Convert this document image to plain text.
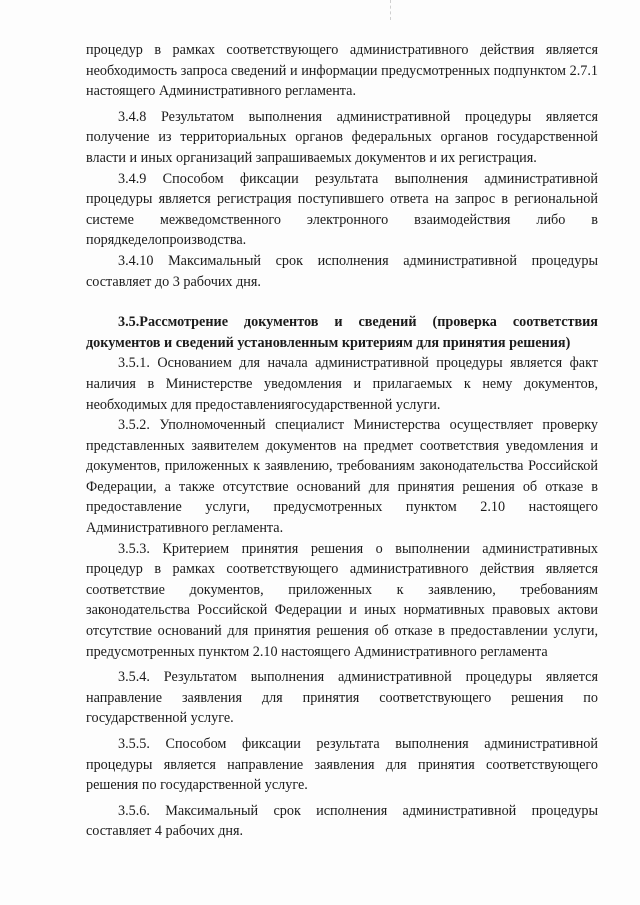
процедур в рамках соответствующего административного действия является необходимость запроса сведений и информации предусмотренных подпунктом 2.7.1 настоящего Административного регламента.

3.4.8 Результатом выполнения административной процедуры является получение из территориальных органов федеральных органов государственной власти и иных организаций запрашиваемых документов и их регистрация.

3.4.9 Способом фиксации результата выполнения административной процедуры является регистрация поступившего ответа на запрос в региональной системе межведомственного электронного взаимодействия либо в порядкеделопроизводства.

3.4.10 Максимальный срок исполнения административной процедуры составляет до 3 рабочих дня.

3.5.Рассмотрение документов и сведений (проверка соответствия документов и сведений установленным критериям для принятия решения)

3.5.1. Основанием для начала административной процедуры является факт наличия в Министерстве уведомления и прилагаемых к нему документов, необходимых для предоставлениягосударственной услуги.

3.5.2. Уполномоченный специалист Министерства осуществляет проверку представленных заявителем документов на предмет соответствия уведомления и документов, приложенных к заявлению, требованиям законодательства Российской Федерации, а также отсутствие оснований для принятия решения об отказе в предоставление услуги, предусмотренных пунктом 2.10 настоящего Административного регламента.

3.5.3. Критерием принятия решения о выполнении административных процедур в рамках соответствующего административного действия является соответствие документов, приложенных к заявлению, требованиям законодательства Российской Федерации и иных нормативных правовых актови отсутствие оснований для принятия решения об отказе в предоставлении услуги, предусмотренных пунктом 2.10 настоящего Административного регламента

3.5.4. Результатом выполнения административной процедуры является направление заявления для принятия соответствующего решения по государственной услуге.

3.5.5. Способом фиксации результата выполнения административной процедуры является направление заявления для принятия соответствующего решения по государственной услуге.

3.5.6. Максимальный срок исполнения административной процедуры составляет 4 рабочих дня.
